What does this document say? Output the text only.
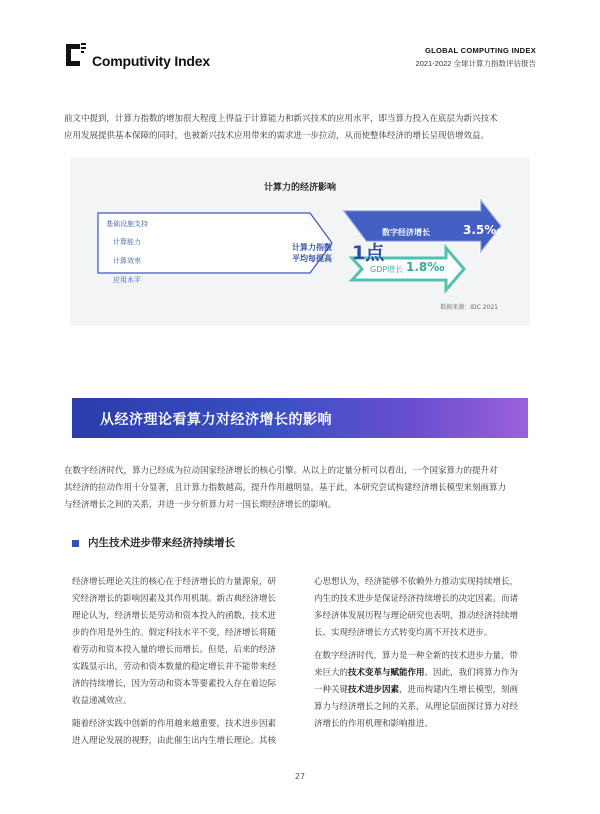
Computivity Index
GLOBAL COMPUTING INDEX
2021-2022 全球计算力指数评估报告
前文中提到，计算力指数的增加很大程度上得益于计算能力和新兴技术的应用水平，即当算力投入在底层为新兴技术
应用发展提供基本保障的同时，也被新兴技术应用带来的需求进一步拉动，从而使整体经济的增长呈现倍增效益。
计算力的经济影响
基础设施支持
计算能力
计算效率
应用水平
计算力指数
平均每提高 1点
数字经济增长	3.5‰
GDP增长 1.8‰
数据来源：IDC 2021
从经济理论看算力对经济增长的影响
在数字经济时代，算力已经成为拉动国家经济增长的核心引擎。从以上的定量分析可以看出，一个国家算力的提升对
其经济的拉动作用十分显著，且计算力指数越高，提升作用越明显。基于此，本研究尝试构建经济增长模型来刻画算力
与经济增长之间的关系，并进一步分析算力对一国长期经济增长的影响。
内生技术进步带来经济持续增长
经济增长理论关注的核心在于经济增长的力量源泉，研
究经济增长的影响因素及其作用机制。新古典经济增长
理论认为，经济增长是劳动和资本投入的函数，技术进
步的作用是外生的。假定科技水平不变，经济增长将随
着劳动和资本投入量的增长而增长。但是，后来的经济
实践显示出，劳动和资本数量的稳定增长并不能带来经
济的持续增长，因为劳动和资本等要素投入存在着边际
收益递减效应。
随着经济实践中创新的作用越来越重要，技术进步因素
进入理论发展的视野，由此催生出内生增长理论。其核
心思想认为，经济能够不依赖外力推动实现持续增长，
内生的技术进步是保证经济持续增长的决定因素。而诸
多经济体发展历程与理论研究也表明，推动经济持续增
长、实现经济增长方式转变均离不开技术进步。
在数字经济时代，算力是一种全新的技术进步力量，带
来巨大的技术变革与赋能作用。因此，我们将算力作为
一种关键技术进步因素，进而构建内生增长模型，刻画
算力与经济增长之间的关系，从理论层面探讨算力对经
济增长的作用机理和影响推进。
27
